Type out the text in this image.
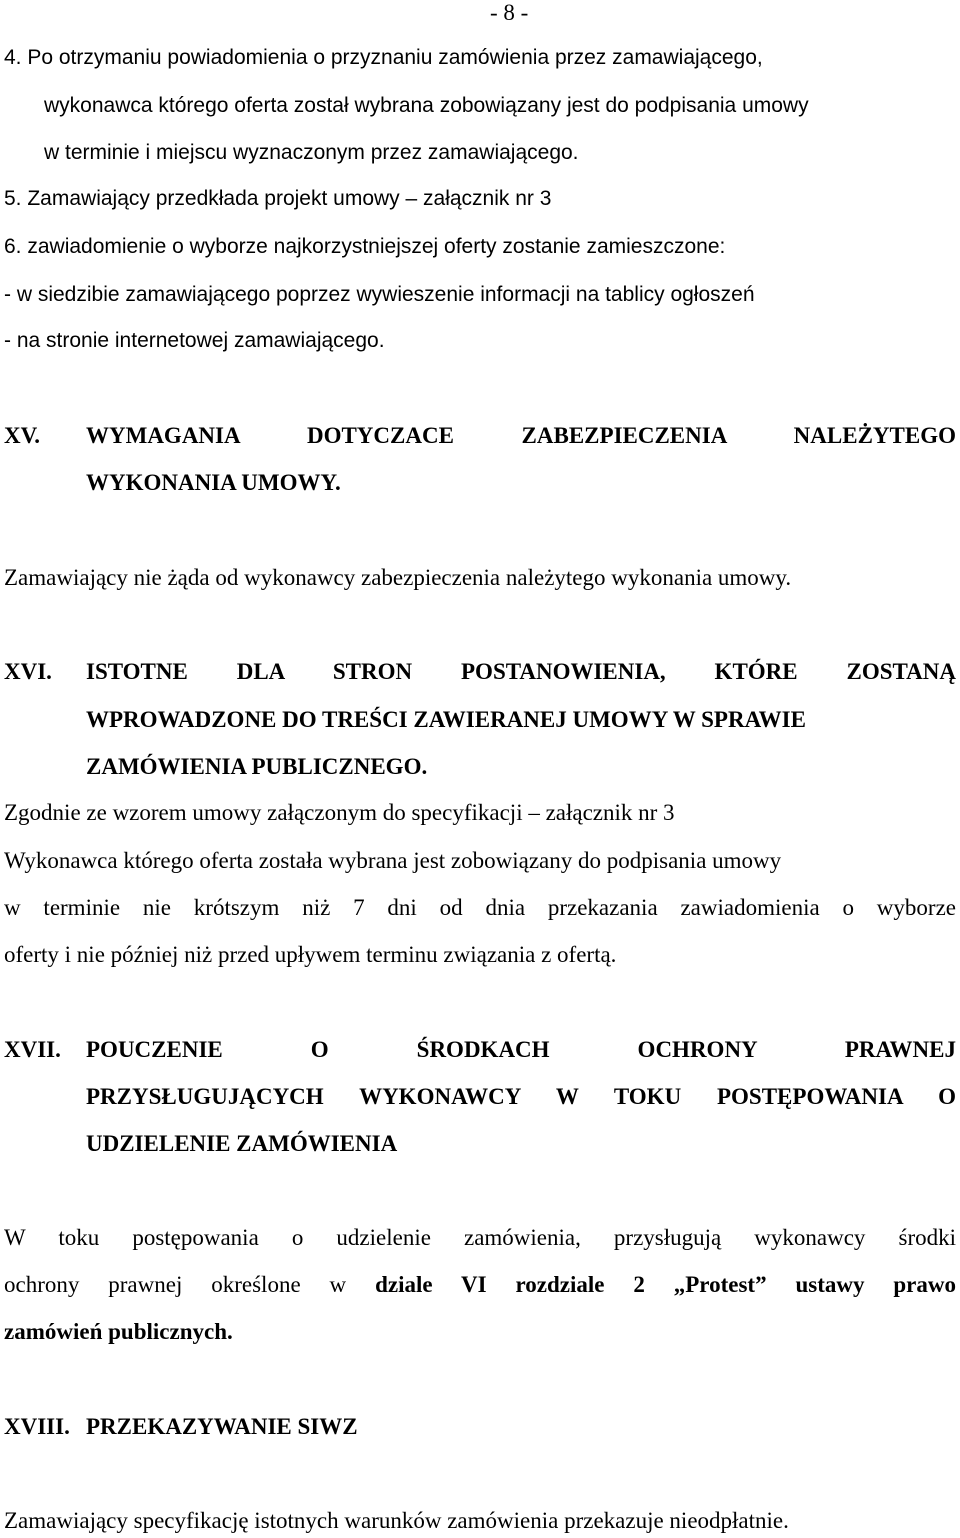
- 8 -
4. Po otrzymaniu powiadomienia o przyznaniu zamówienia przez zamawiającego,
wykonawca którego oferta został wybrana zobowiązany jest do podpisania umowy
w terminie i miejscu wyznaczonym przez zamawiającego.
5. Zamawiający przedkłada projekt umowy – załącznik nr 3
6. zawiadomienie o wyborze najkorzystniejszej oferty zostanie zamieszczone:
- w siedzibie zamawiającego poprzez wywieszenie informacji na tablicy ogłoszeń
- na stronie internetowej zamawiającego.
XV. WYMAGANIA DOTYCZACE ZABEZPIECZENIA NALEŻYTEGO
WYKONANIA UMOWY.
Zamawiający nie żąda od wykonawcy zabezpieczenia należytego wykonania umowy.
XVI. ISTOTNE DLA STRON POSTANOWIENIA, KTÓRE ZOSTANĄ
WPROWADZONE DO TREŚCI ZAWIERANEJ UMOWY W SPRAWIE
ZAMÓWIENIA PUBLICZNEGO.
Zgodnie ze wzorem umowy załączonym do specyfikacji – załącznik nr 3
Wykonawca którego oferta została wybrana jest zobowiązany do podpisania umowy
w terminie nie krótszym niż 7 dni od dnia przekazania zawiadomienia o wyborze
oferty i nie później niż przed upływem terminu związania z ofertą.
XVII. POUCZENIE O ŚRODKACH OCHRONY PRAWNEJ
PRZYSŁUGUJĄCYCH WYKONAWCY W TOKU POSTĘPOWANIA O
UDZIELENIE ZAMÓWIENIA
W toku postępowania o udzielenie zamówienia, przysługują wykonawcy środki
ochrony prawnej określone w dziale VI rozdziale 2 „Protest” ustawy prawo
zamówień publicznych.
XVIII. PRZEKAZYWANIE SIWZ
Zamawiający specyfikację istotnych warunków zamówienia przekazuje nieodpłatnie.
